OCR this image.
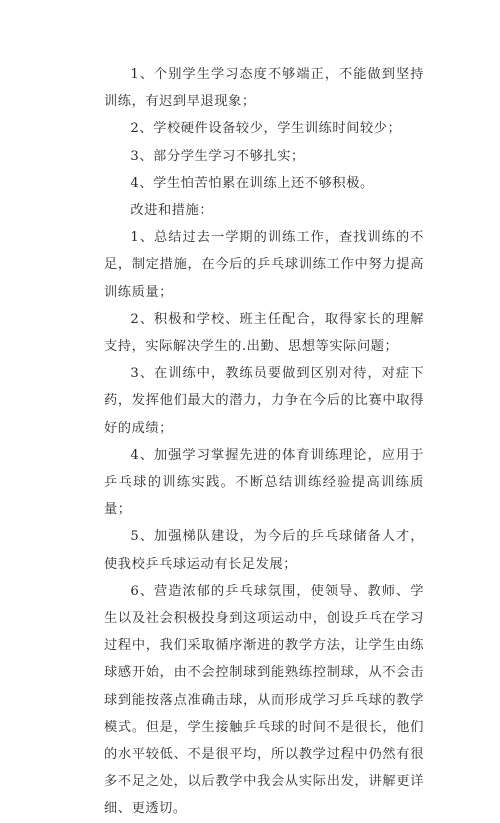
1、个别学生学习态度不够端正，不能做到坚持训练，有迟到早退现象；

2、学校硬件设备较少，学生训练时间较少；

3、部分学生学习不够扎实；

4、学生怕苦怕累在训练上还不够积极。

改进和措施：

1、总结过去一学期的训练工作，查找训练的不足，制定措施，在今后的乒乓球训练工作中努力提高训练质量；

2、积极和学校、班主任配合，取得家长的理解支持，实际解决学生的.出勤、思想等实际问题；

3、在训练中，教练员要做到区别对待，对症下药，发挥他们最大的潜力，力争在今后的比赛中取得好的成绩；

4、加强学习掌握先进的体育训练理论，应用于乒乓球的训练实践。不断总结训练经验提高训练质量；

5、加强梯队建设，为今后的乒乓球储备人才，使我校乒乓球运动有长足发展；

6、营造浓郁的乒乓球氛围，使领导、教师、学生以及社会积极投身到这项运动中，创设乒乓在学习过程中，我们采取循序渐进的教学方法，让学生由练球感开始，由不会控制球到能熟练控制球，从不会击球到能按落点准确击球，从而形成学习乒乓球的教学模式。但是，学生接触乒乓球的时间不是很长，他们的水平较低、不是很平均，所以教学过程中仍然有很多不足之处，以后教学中我会从实际出发，讲解更详细、更透切。
